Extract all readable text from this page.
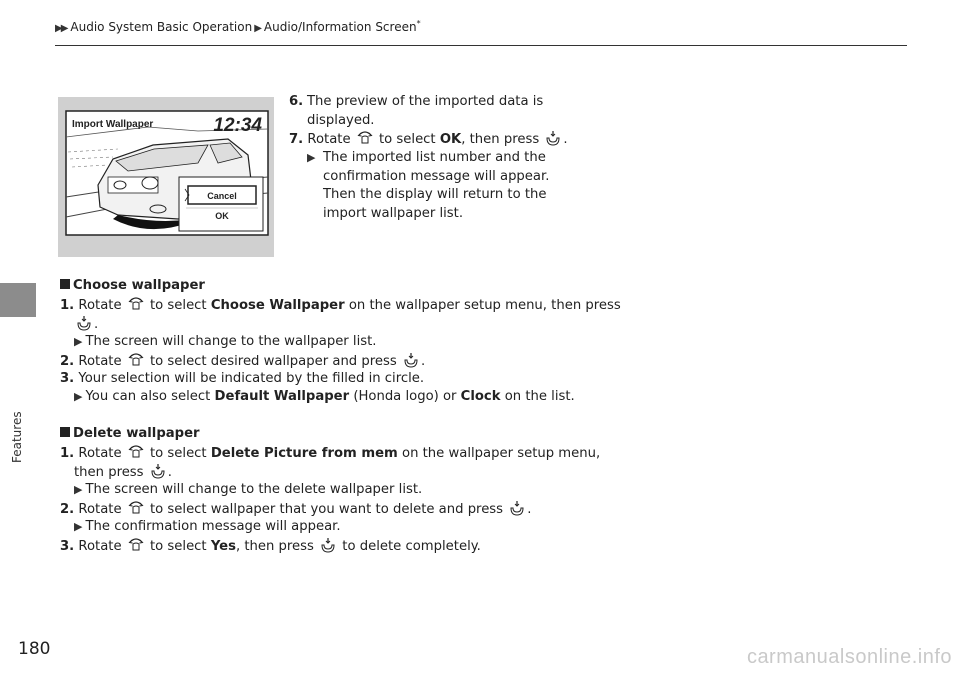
▶▶ Audio System Basic Operation ▶ Audio/Information Screen*
Features
Import Wallpaper	12:34
Cancel
OK
6. The preview of the imported data is displayed.
7. Rotate to select OK, then press .
▶ The imported list number and the confirmation message will appear. Then the display will return to the import wallpaper list.
Choose wallpaper
1. Rotate to select Choose Wallpaper on the wallpaper setup menu, then press
.
▶ The screen will change to the wallpaper list.
2. Rotate to select desired wallpaper and press .
3. Your selection will be indicated by the filled in circle.
▶ You can also select Default Wallpaper (Honda logo) or Clock on the list.
Delete wallpaper
1. Rotate to select Delete Picture from mem on the wallpaper setup menu,
then press .
▶ The screen will change to the delete wallpaper list.
2. Rotate to select wallpaper that you want to delete and press .
▶ The confirmation message will appear.
3. Rotate to select Yes, then press to delete completely.
180	carmanualsonline.info
